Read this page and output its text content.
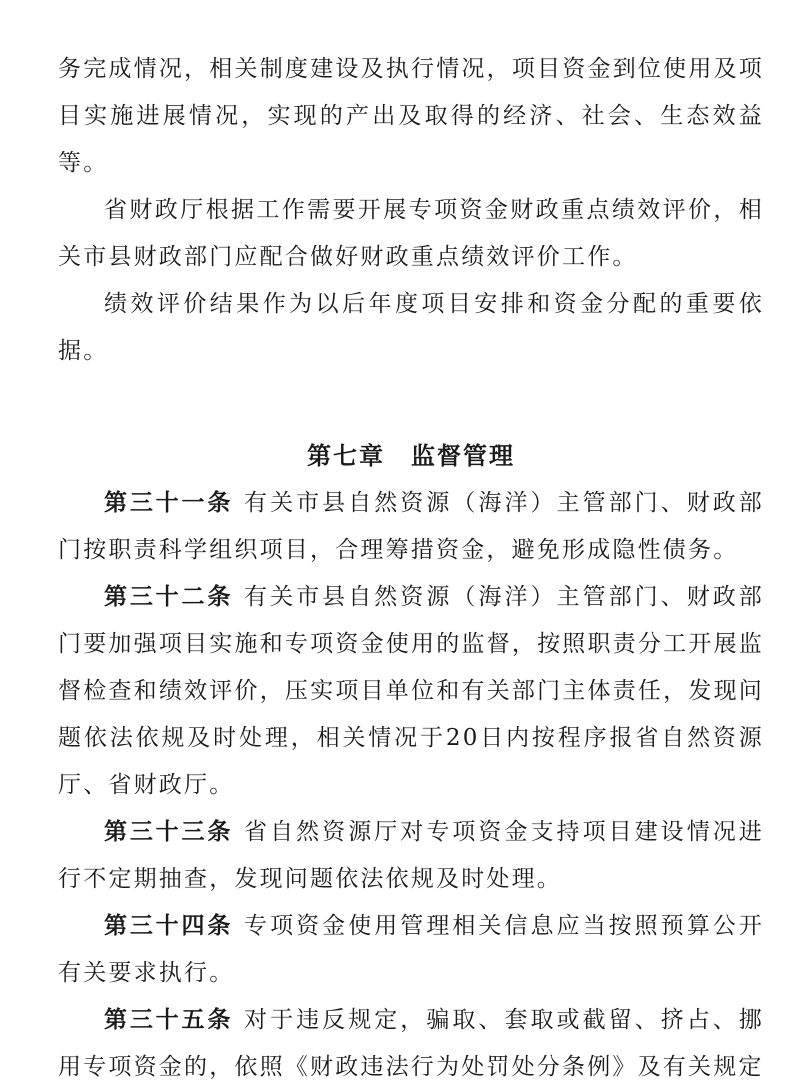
务完成情况，相关制度建设及执行情况，项目资金到位使用及项目实施进展情况，实现的产出及取得的经济、社会、生态效益等。

省财政厅根据工作需要开展专项资金财政重点绩效评价，相关市县财政部门应配合做好财政重点绩效评价工作。

绩效评价结果作为以后年度项目安排和资金分配的重要依据。

第七章　监督管理

第三十一条 有关市县自然资源（海洋）主管部门、财政部门按职责科学组织项目，合理筹措资金，避免形成隐性债务。

第三十二条 有关市县自然资源（海洋）主管部门、财政部门要加强项目实施和专项资金使用的监督，按照职责分工开展监督检查和绩效评价，压实项目单位和有关部门主体责任，发现问题依法依规及时处理，相关情况于20日内按程序报省自然资源厅、省财政厅。

第三十三条 省自然资源厅对专项资金支持项目建设情况进行不定期抽查，发现问题依法依规及时处理。

第三十四条 专项资金使用管理相关信息应当按照预算公开有关要求执行。

第三十五条 对于违反规定，骗取、套取或截留、挤占、挪用专项资金的，依照《财政违法行为处罚处分条例》及有关规定
